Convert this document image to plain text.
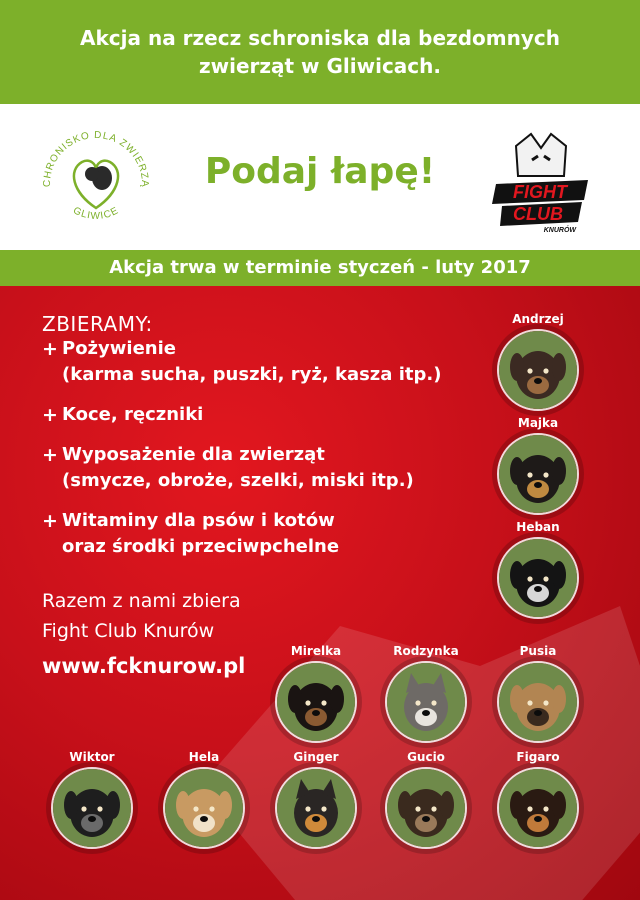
Akcja na rzecz schroniska dla bezdomnych
zwierząt w Gliwicach.
CHRONISKO DLA ZWIERZĄ
GLIWICE
Podaj łapę!	FIGHT
CLUB
KNURÓW
Akcja trwa w terminie styczeń - luty 2017
ZBIERAMY:
+ Pożywienie
(karma sucha, puszki, ryż, kasza itp.)
+ Koce, ręczniki
+ Wyposażenie dla zwierząt
(smycze, obroże, szelki, miski itp.)
+ Witaminy dla psów i kotów
oraz środki przeciwpchelne
Razem z nami zbiera
Fight Club Knurów
www.fcknurow.pl
Andrzej
Majka
Heban
Mirelka	Rodzynka	Pusia
Wiktor	Hela	Ginger	Gucio	Figaro
